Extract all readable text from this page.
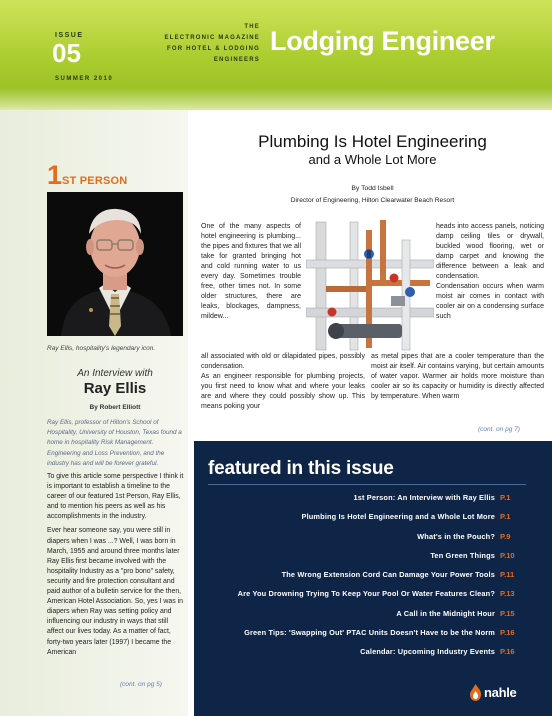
ISSUE
05
SUMMER 2010
THE
ELECTRONIC MAGAZINE
FOR HOTEL & LODGING
ENGINEERS
Lodging Engineer
1ST PERSON
Ray Ellis, hospitality's legendary icon.
An Interview with
Ray Ellis
By Robert Elliott
Ray Ellis, professor of Hilton's School of Hospitality, University of Houston, Texas found a home in hospitality Risk Management. Engineering and Loss Prevention, and the industry has and will be forever grateful.

To give this article some perspective I think it is important to establish a timeline to the career of our featured 1st Person, Ray Ellis, and to mention his peers as well as his accomplishments in the industry.

Ever hear someone say, you were still in diapers when I was ...? Well, I was born in March, 1955 and around three months later Ray Ellis first became involved with the hospitality Industry as a "pro bono" safety, security and fire protection consultant and paid author of a bulletin service for the then, American Hotel Association. So, yes I was in diapers when Ray was setting policy and influencing our industry in ways that still affect our lives today. As a matter of fact, forty-two years later (1997) I became the American

(cont. on pg 5)
Plumbing Is Hotel Engineering
and a Whole Lot More
By Todd Isbell
Director of Engineering, Hilton Clearwater Beach Resort
One of the many aspects of hotel engineering is plumbing... the pipes and fixtures that we all take for granted bringing hot and cold running water to us every day. Sometimes trouble free, other times not. In some older structures, there are leaks, blockages, dampness, mildew...

heads into access panels, noticing damp ceiling tiles or drywall, buckled wood flooring, wet or damp carpet and knowing the difference between a leak and condensation.

Condensation occurs when warm moist air comes in contact with cooler air on a condensing surface such

all associated with old or dilapidated pipes, possibly condensation.

As an engineer responsible for plumbing projects, you first need to know what and where your leaks are and where they could possibly show up. This means poking your

as metal pipes that are a cooler temperature than the moist air itself. Air contains varying, but certain amounts of water vapor. Warmer air holds more moisture than cooler air so its capacity or humidity is directly affected by temperature. When warm
(cont. on pg 7)
featured in this issue
1st Person: An Interview with Ray Ellis P.1
Plumbing Is Hotel Engineering and a Whole Lot More P.1
What's in the Pouch? P.9
Ten Green Things P.10
The Wrong Extension Cord Can Damage Your Power Tools P.11
Are You Drowning Trying To Keep Your Pool Or Water Features Clean? P.13
A Call in the Midnight Hour P.15
Green Tips: 'Swapping Out' PTAC Units Doesn't Have to be the Norm P.16
Calendar: Upcoming Industry Events P.16
nahle
